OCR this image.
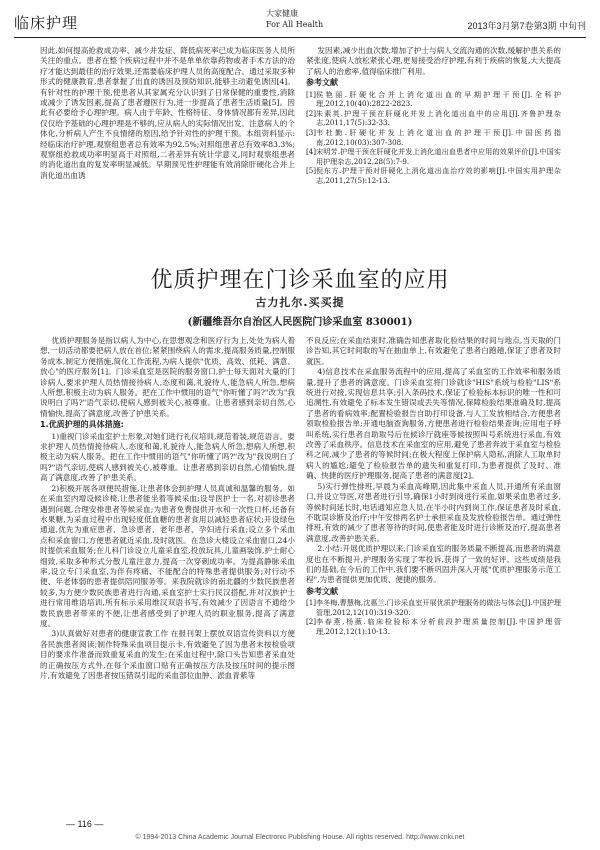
临床护理
大家健康
For All Health	2013年3月第7卷第3期 中旬刊

因此,如何提高抢救成功率、减少并发症、降低病死率已成为临床医务人员所关注的重点。患者在整个疾病过程中并不是单单依靠药物或者手术方法的治疗才能达到最佳的治疗效果,还需要临床护理人员的高度配合。通过采取多种形式的健康教育,患者掌握了出血的诱因及预防知识,能够主动避免诱因[4]。有针对性的护理干预,使患者从其家属充分认识到了日常保健的重要性,消除或减少了诱发因素,提高了患者遵医行为,进一步提高了患者生活质量[5]。因此有必要给予心理护理。病人由于年龄、性格特征、身体情况都有差异,因此仅仅给予基础的心理护理是不够的,应从病人的实际情况出发。注意病人的个体化,分析病人产生不良情绪的原因,给予针对性的护理干预。本组资料显示:经临床治疗护理,观察组患者总有效率为92.5%;对照组患者总有效率83.3%;观察组抢救成功率明显高于对照组,二者差异有统计学意义,同时观察组患者的消化道出血的复发率明显减低。早期预见性护理能有效消除肝硬化合并上消化道出血诱

发因素,减少出血次数,增加了护士与病人交流沟通的次数,缓解护患关系的紧张度,使病人放松紧张心理,更易接受治疗护理,有利于疾病的恢复,大大提高了病人的治愈率,值得临床推广利用。

参考文献

[1] 侯艳丽.肝硬化合并上消化道出血的早期护理干预[J].全科护理,2012,10(40):2822-2823.

[2] 朱素英.护理干预在肝硬化并发上消化道出血中的应用[J].齐鲁护理杂志,2011,17(5):32-33.

[3] 韦杜勤.肝硬化并发上消化道出血的护理干预[J].中国医药指南,2012,10(03):307-308.

[4] 宋明芳.护理干预在肝硬化并发上消化道出血患者中应用的效果评价[J].中国实用护理杂志,2012,28(5):7-9.

[5] 倪东方.护理干预对肝硬化上消化道出血治疗效的影响[J].中国实用护理杂志,2011,27(5):12-13.

优质护理在门诊采血室的应用
古力扎尔.买买提
(新疆维吾尔自治区人民医院门诊采血室 830001)

优质护理服务是指以病人为中心,在思想观念和医疗行为上,处处为病人着想,一切活动都要把病人放在首位;紧紧围绕病人的需求,提高服务质量,控制服务成本,制定方便措施,简化工作流程,为病人提供"优质、高效、低耗、满意、放心"的医疗服务[1]。门诊采血室是医院的服务窗口,护士每天面对大量的门诊病人,要求护理人员热情接待病人,态度和蔼,礼貌待人,能急病人所急,想病人所想,积极主动为病人服务。把在工作中惯用的语气"你听懂了吗?"改为"我说明白了吗?"语气亲切,使病人感到被关心,被尊重。让患者感到亲切自然,心情愉快,提高了满意度,改善了护患关系。

1.优质护理的具体措施:

1)重视门诊采血室护士形象,对她们进行礼仪培训,规范着装,规范语言。要求护理人员热情接待病人,态度和蔼,礼貌待人,能急病人所急,想病人所想,积极主动为病人服务。把在工作中惯用的语气"你听懂了吗?"改为"我说明白了吗?"语气亲切,使病人感到被关心,被尊重。让患者感到亲切自然,心情愉快,提高了满意度,改善了护患关系。

2)积极开展各项便民措施,让患者体会到护理人员真诚和温馨的服务。如在采血室内增设候诊椅,让患者能坐着等候采血;设导医护士一名,对初诊患者遇到问题,合理安排患者等候采血;为患者免费提供开水和一次性口杯,还备有水果糖,为采血过程中出现轻度低血糖的患者食用以减轻患者症状;开设绿色通道,优先为重症患者、急诊患者、老年患者、孕妇进行采血;设立多个采血点和采血窗口,方便患者就近采血,及时就医。在急诊大楼设立采血窗口,24小时提供采血服务;在儿科门诊设立儿童采血室,投放玩具,儿童画装饰,护士耐心细致,采取多种形式分散儿童注意力,提高一次穿刺成功率。为提高静脉采血率,设立专门采血室,为伴有疼痛、不能配合的特殊患者提供服务;对行动不便、年老体弱的患者提供陪同服务等。来我院就诊的南北疆的少数民族患者较多,为方便少数民族患者进行沟通,采血室护士实行民汉搭配,并对汉族护士进行常用维语培训,所有标示采用维汉双语书写,有效减少了因语言不通给少数民族患者带来的不便,让患者感受到了护理人员的职业服务,提高了满意度。

3)认真做好对患者的健康宣教工作 在报刊架上摆放双语宣传资料以方便各民族患者阅读;制作特殊采血项目提示卡,有效避免了因为患者未按检验项目的要求作准备而致重复采血的发生;在采血过程中,除口头告知患者采血处的正确按压方式外,在每个采血窗口贴有正确按压方法及按压时间的提示图片,有效避免了因患者按压错误引起的采血部位血肿、淤血青紫等

不良反应;在采血结束时,准确告知患者取化验结果的时间与地点,当天取的门诊告知,其它时间取的写在抽血单上,有效避免了患者白跑趟,保证了患者及时就医。

4)信息技术在采血服务流程中的应用,提高了采血室的工作效率和服务质量,提升了患者的满意度。门诊采血室将门诊就诊"HIS"系统与检验"LIS"系统进行对接,实现信息共享;引入条码技术,保证了检验标本标识的唯一性和可追溯性,有效避免了标本发生错误或丢失等情况,保障检验结果准确及时,提高了患者的看病效率;配置检验报告自助打印设备,与人工发放相结合,方便患者领取检验报告单;开通电脑查询服务,方便患者进行检验结果查询;应用电子呼叫系统,实行患者自助取号后在候诊厅就座等候按照叫号系统进行采血,有效改善了采血秩序。信息技术在采血室的应用,避免了患者奔波于采血室与检验科之间,减少了患者的等候时间;在极大程度上保护病人隐私,消除人工取单时病人的尴尬;避免了检验报告单的遗失和重复打印,为患者提供了及时、准确、快捷的医疗护理服务,提高了患者的满意度[2]。

5)实行弹性排班,早晨为采血高峰期,因此集中采血人员,开通所有采血窗口,并设立导医,对患者进行引导,确保1小时到岗进行采血,如果采血患者过多,等候时间延长时,电话通知应急人员,在半小时内到岗工作,保证患者及时采血,不耽误诊断及治疗;中午安排两名护士承担采血及发放检验报告单。通过弹性排班,有效的减少了患者等待的时间,使患者能及时进行诊断及治疗,提高患者满意度,改善护患关系。

2.小结:开展优质护理以来,门诊采血室的服务质量不断提高,而患者的满意度也在不断提升,护理服务实现了零投诉,获得了一致的好评。这些成绩是我们的基础,在今后的工作中,我们要不断巩固并深入开展"优质护理服务示范工程",为患者提供更加优质、便捷的服务。

参考文献

[1] 李冬梅,曹慧梅,沈惠兰.门诊采血室开展优质护理服务的做法与体会[J].中国护理管理,2012,12(10):319-320.

[2] 李春燕,杨薇.临床检验标本分析前段护理质量控制[J].中国护理管理,2012,12(1):10-13.

— 116 —
© 1994-2013 China Academic Journal Electronic Publishing House. All rights reserved. http://www.cnki.net
